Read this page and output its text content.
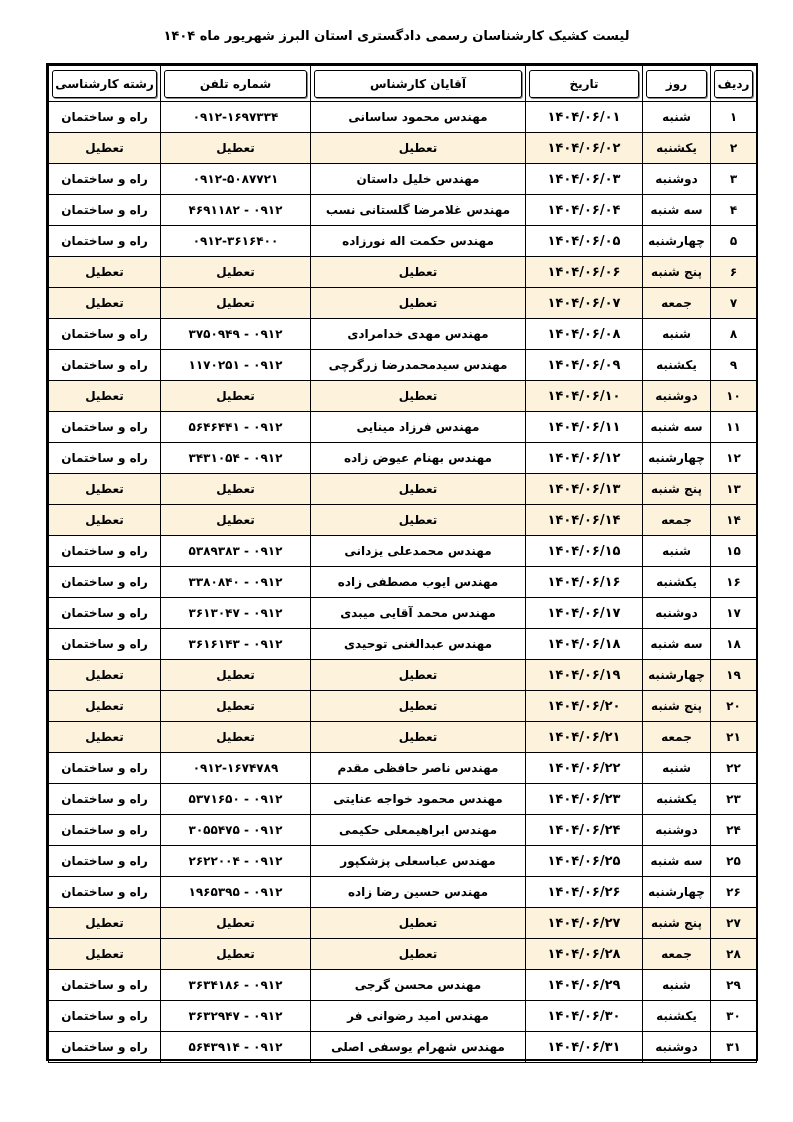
لیست کشیک کارشناسان رسمی دادگستری استان البرز شهریور ماه ۱۴۰۴
ردیف	روز	تاریخ	آقایان کارشناس	شماره تلفن	رشته کارشناسی

۱	شنبه	۱۴۰۴/۰۶/۰۱	مهندس محمود ساسانی	۰۹۱۲-۱۶۹۷۳۳۴	راه و ساختمان
۲	یکشنبه	۱۴۰۴/۰۶/۰۲	تعطیل	تعطیل	تعطیل
۳	دوشنبه	۱۴۰۴/۰۶/۰۳	مهندس خلیل داستان	۰۹۱۲-۵۰۸۷۷۲۱	راه و ساختمان
۴	سه شنبه	۱۴۰۴/۰۶/۰۴	مهندس غلامرضا گلستانی نسب	۰۹۱۲ - ۴۶۹۱۱۸۲	راه و ساختمان
۵	چهارشنبه	۱۴۰۴/۰۶/۰۵	مهندس حکمت اله نورزاده	۰۹۱۲-۳۶۱۶۴۰۰	راه و ساختمان
۶	پنج شنبه	۱۴۰۴/۰۶/۰۶	تعطیل	تعطیل	تعطیل
۷	جمعه	۱۴۰۴/۰۶/۰۷	تعطیل	تعطیل	تعطیل
۸	شنبه	۱۴۰۴/۰۶/۰۸	مهندس مهدی خدامرادی	۰۹۱۲ - ۳۷۵۰۹۴۹	راه و ساختمان
۹	یکشنبه	۱۴۰۴/۰۶/۰۹	مهندس سیدمحمدرضا زرگرچی	۰۹۱۲ - ۱۱۷۰۲۵۱	راه و ساختمان
۱۰	دوشنبه	۱۴۰۴/۰۶/۱۰	تعطیل	تعطیل	تعطیل
۱۱	سه شنبه	۱۴۰۴/۰۶/۱۱	مهندس فرزاد مینایی	۰۹۱۲ - ۵۶۴۶۴۴۱	راه و ساختمان
۱۲	چهارشنبه	۱۴۰۴/۰۶/۱۲	مهندس بهنام عیوض زاده	۰۹۱۲ - ۳۴۳۱۰۵۴	راه و ساختمان
۱۳	پنج شنبه	۱۴۰۴/۰۶/۱۳	تعطیل	تعطیل	تعطیل
۱۴	جمعه	۱۴۰۴/۰۶/۱۴	تعطیل	تعطیل	تعطیل
۱۵	شنبه	۱۴۰۴/۰۶/۱۵	مهندس محمدعلی یزدانی	۰۹۱۲ - ۵۳۸۹۳۸۳	راه و ساختمان
۱۶	یکشنبه	۱۴۰۴/۰۶/۱۶	مهندس ایوب مصطفی زاده	۰۹۱۲ - ۳۳۸۰۸۴۰	راه و ساختمان
۱۷	دوشنبه	۱۴۰۴/۰۶/۱۷	مهندس محمد آقایی میبدی	۰۹۱۲ - ۳۶۱۳۰۴۷	راه و ساختمان
۱۸	سه شنبه	۱۴۰۴/۰۶/۱۸	مهندس عبدالغنی توحیدی	۰۹۱۲ - ۳۶۱۶۱۴۳	راه و ساختمان
۱۹	چهارشنبه	۱۴۰۴/۰۶/۱۹	تعطیل	تعطیل	تعطیل
۲۰	پنج شنبه	۱۴۰۴/۰۶/۲۰	تعطیل	تعطیل	تعطیل
۲۱	جمعه	۱۴۰۴/۰۶/۲۱	تعطیل	تعطیل	تعطیل
۲۲	شنبه	۱۴۰۴/۰۶/۲۲	مهندس ناصر حافظی مقدم	۰۹۱۲-۱۶۷۴۷۸۹	راه و ساختمان
۲۳	یکشنبه	۱۴۰۴/۰۶/۲۳	مهندس محمود خواجه عنایتی	۰۹۱۲ - ۵۳۷۱۶۵۰	راه و ساختمان
۲۴	دوشنبه	۱۴۰۴/۰۶/۲۴	مهندس ابراهیمعلی حکیمی	۰۹۱۲ - ۳۰۵۵۴۷۵	راه و ساختمان
۲۵	سه شنبه	۱۴۰۴/۰۶/۲۵	مهندس عباسعلی پزشکپور	۰۹۱۲ - ۲۶۲۲۰۰۴	راه و ساختمان
۲۶	چهارشنبه	۱۴۰۴/۰۶/۲۶	مهندس حسین رضا زاده	۰۹۱۲ - ۱۹۶۵۳۹۵	راه و ساختمان
۲۷	پنج شنبه	۱۴۰۴/۰۶/۲۷	تعطیل	تعطیل	تعطیل
۲۸	جمعه	۱۴۰۴/۰۶/۲۸	تعطیل	تعطیل	تعطیل
۲۹	شنبه	۱۴۰۴/۰۶/۲۹	مهندس محسن گرجی	۰۹۱۲ - ۳۶۳۴۱۸۶	راه و ساختمان
۳۰	یکشنبه	۱۴۰۴/۰۶/۳۰	مهندس امید رضوانی فر	۰۹۱۲ - ۳۶۳۲۹۴۷	راه و ساختمان
۳۱	دوشنبه	۱۴۰۴/۰۶/۳۱	مهندس شهرام یوسفی اصلی	۰۹۱۲ - ۵۶۴۳۹۱۴	راه و ساختمان
